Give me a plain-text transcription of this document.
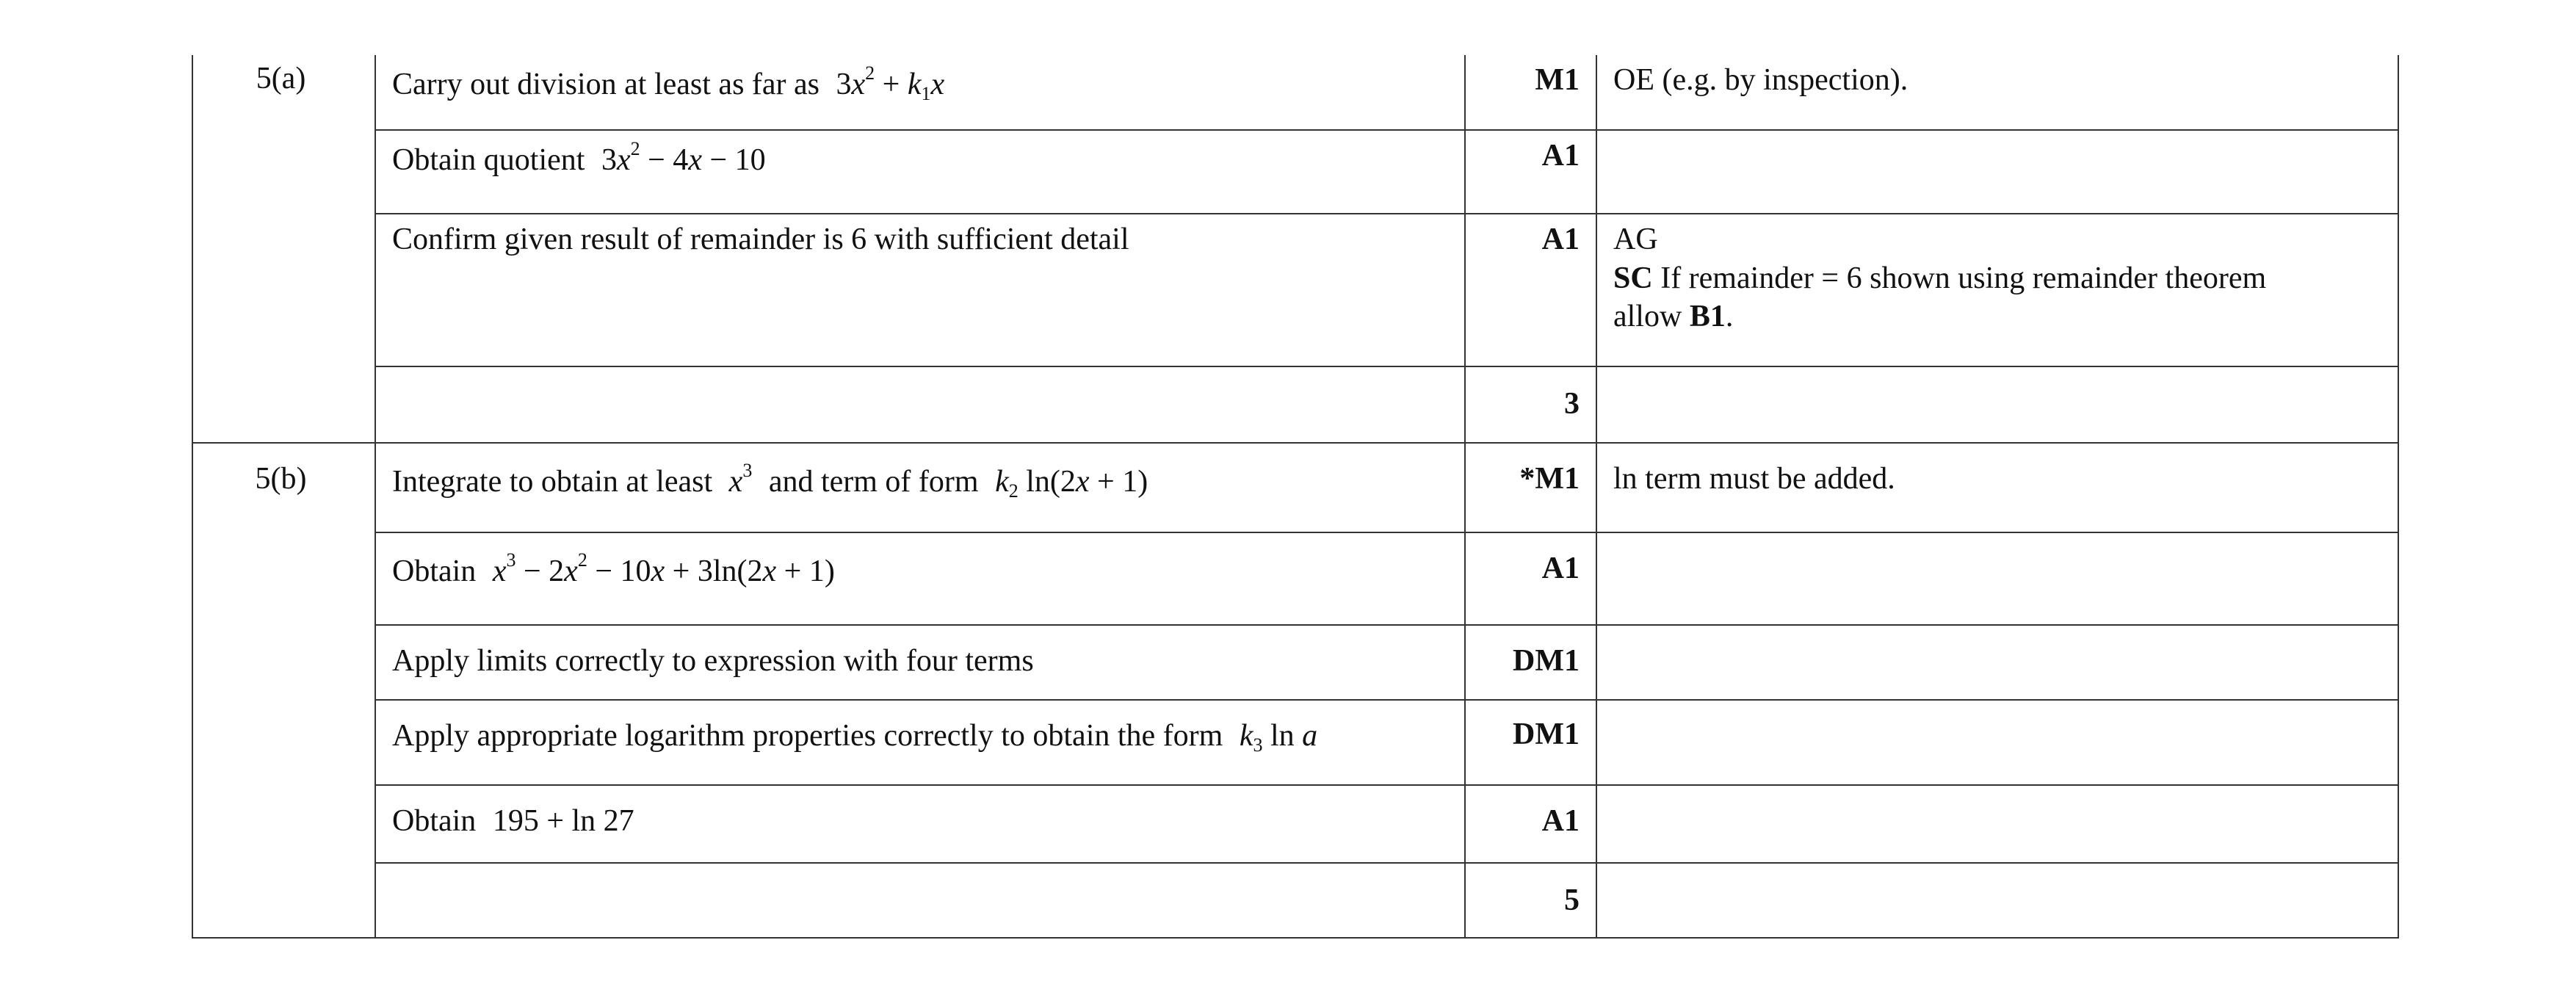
5(a)	Carry out division at least as far as $3x^2 + k_1x$	M1	OE (e.g. by inspection).
	Obtain quotient $3x^2 - 4x - 10$	A1	
	Confirm given result of remainder is 6 with sufficient detail	A1	AG
SC If remainder = 6 shown using remainder theorem
allow B1.

		3	
5(b)	Integrate to obtain at least $x^3$ and term of form $k_2$ ln(2x + 1)	*M1	ln term must be added.
	Obtain $x^3 - 2x^2 - 10x + 3\ln(2x + 1)$	A1	
	Apply limits correctly to expression with four terms	DM1	
	Apply appropriate logarithm properties correctly to obtain the form $k_3$ ln a	DM1	
	Obtain 195 + ln 27	A1	
		5	
